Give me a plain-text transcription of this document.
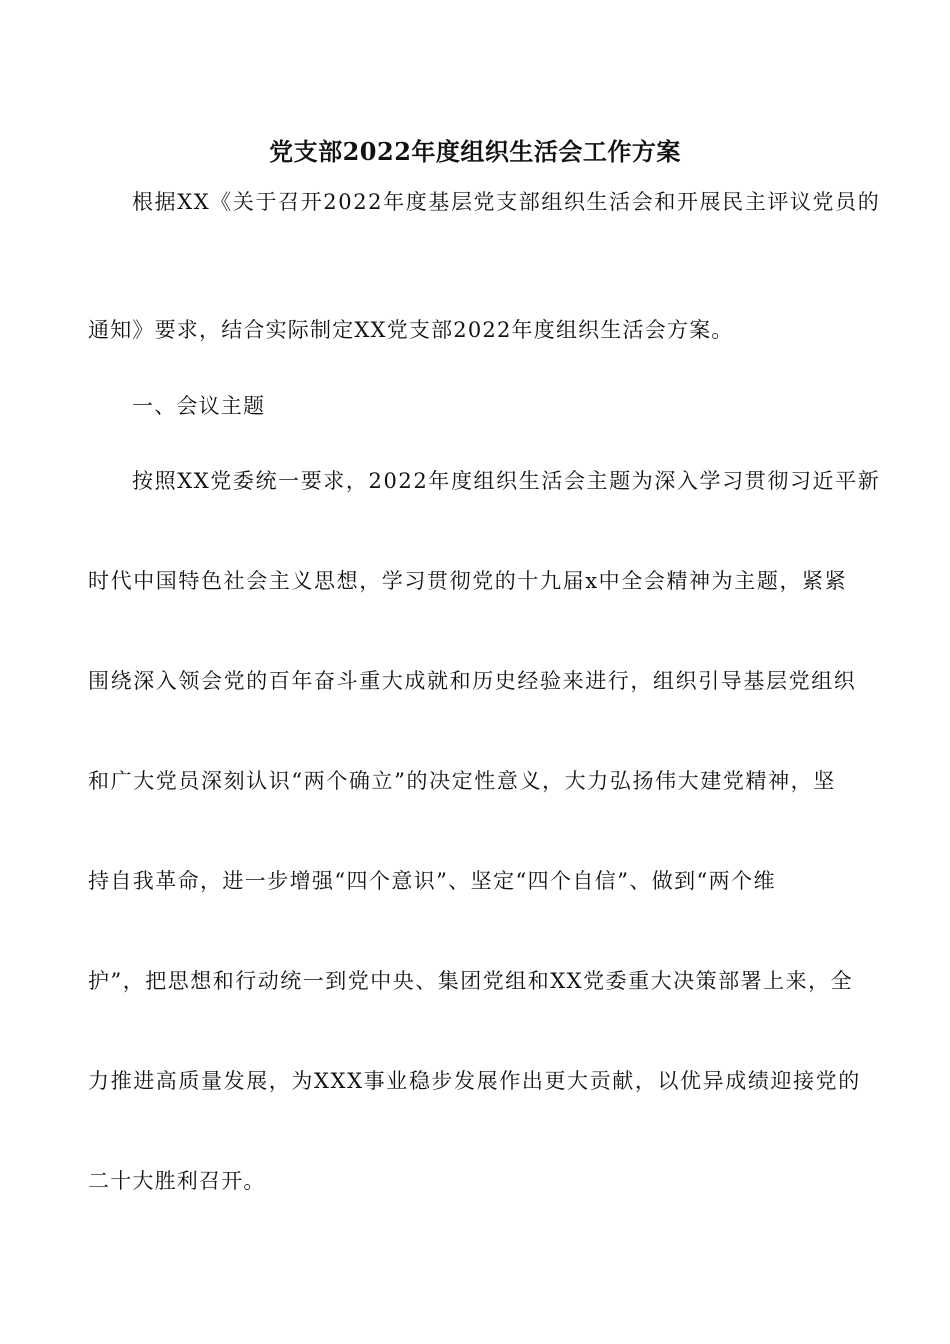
党支部2022年度组织生活会工作方案
根据XX《关于召开2022年度基层党支部组织生活会和开展民主评议党员的
通知》要求，结合实际制定XX党支部2022年度组织生活会方案。
一、会议主题
按照XX党委统一要求，2022年度组织生活会主题为深入学习贯彻习近平新
时代中国特色社会主义思想，学习贯彻党的十九届x中全会精神为主题，紧紧
围绕深入领会党的百年奋斗重大成就和历史经验来进行，组织引导基层党组织
和广大党员深刻认识“两个确立”的决定性意义，大力弘扬伟大建党精神，坚
持自我革命，进一步增强“四个意识”、坚定“四个自信”、做到“两个维
护”，把思想和行动统一到党中央、集团党组和XX党委重大决策部署上来，全
力推进高质量发展，为XXX事业稳步发展作出更大贡献，以优异成绩迎接党的
二十大胜利召开。
